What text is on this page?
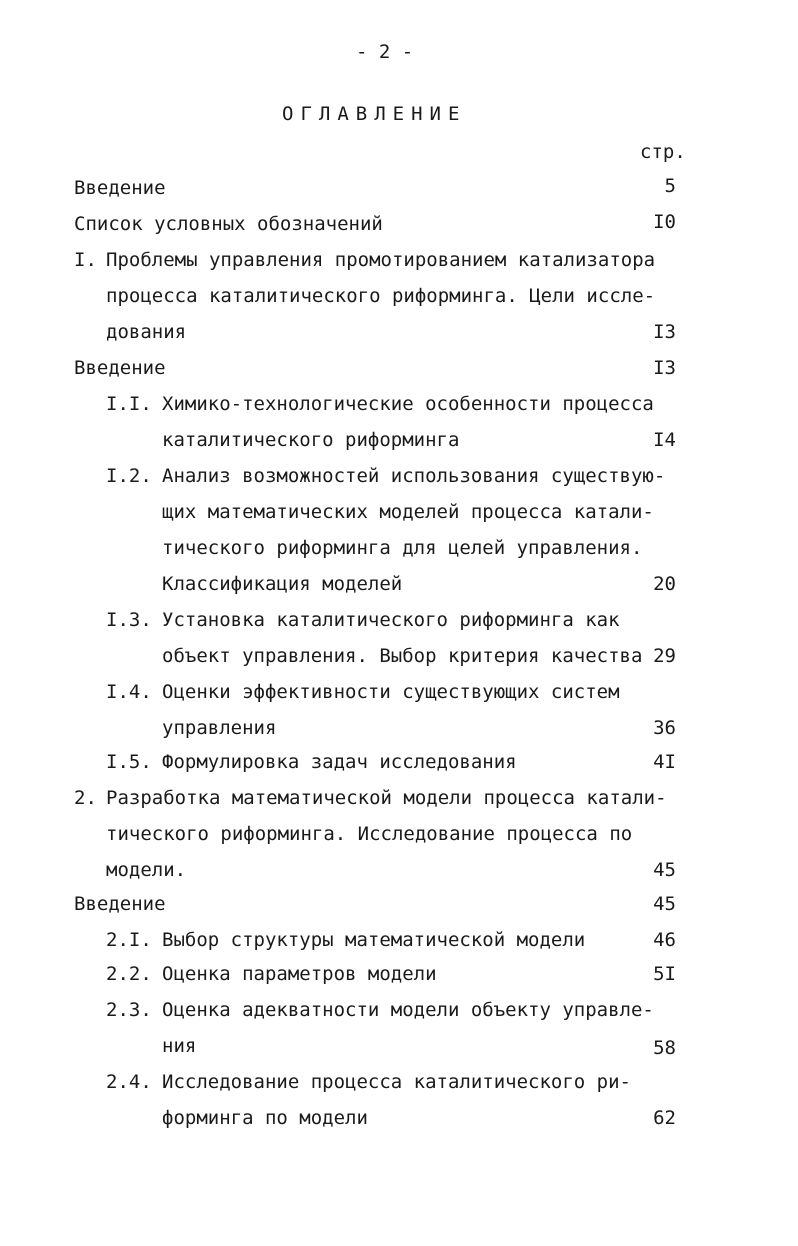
- 2 -
ОГЛАВЛЕНИЕ
стр.
Введение	5
Список условных обозначений	I0
I. Проблемы управления промотированием катализатора
процесса каталитического риформинга. Цели иссле-
дования	I3
Введение	I3
I.I. Химико-технологические особенности процесса
каталитического риформинга	I4
I.2. Анализ возможностей использования существую-
щих математических моделей процесса катали-
тического риформинга для целей управления.
Классификация моделей	20
I.3. Установка каталитического риформинга как
объект управления. Выбор критерия качества 29
I.4. Оценки эффективности существующих систем
управления	36
I.5. Формулировка задач исследования	4I
2. Разработка математической модели процесса катали-
тического риформинга. Исследование процесса по
модели.	45
Введение	45
2.I. Выбор структуры математической модели	46
2.2. Оценка параметров модели	5I
2.3. Оценка адекватности модели объекту управле-
ния	58
2.4. Исследование процесса каталитического ри-
форминга по модели	62
